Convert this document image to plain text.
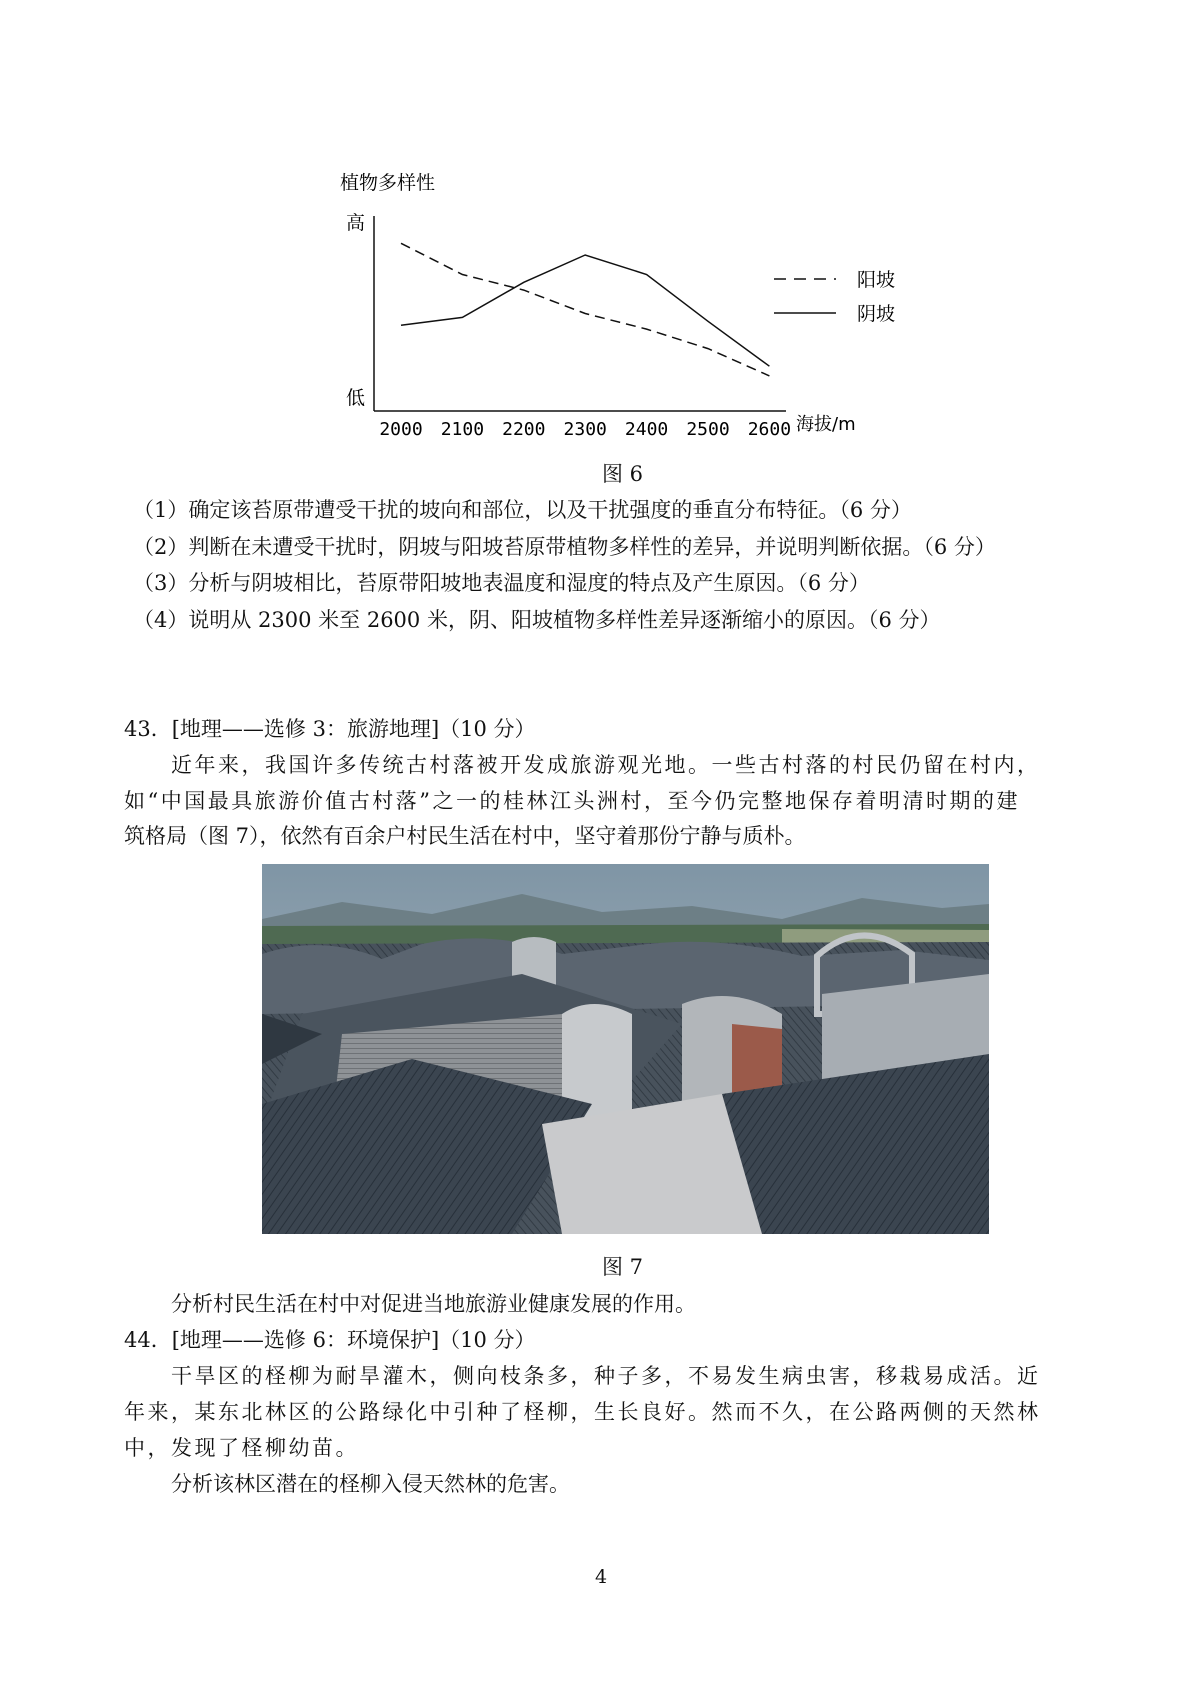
植物多样性
高
低
2000 2100 2200 2300 2400 2500 2600 海拔/m
阳坡
阴坡
图 6
（1）确定该苔原带遭受干扰的坡向和部位，以及干扰强度的垂直分布特征。（6 分）
（2）判断在未遭受干扰时，阴坡与阳坡苔原带植物多样性的差异，并说明判断依据。（6 分）
（3）分析与阴坡相比，苔原带阳坡地表温度和湿度的特点及产生原因。（6 分）
（4）说明从 2300 米至 2600 米，阴、阳坡植物多样性差异逐渐缩小的原因。（6 分）
43．[地理——选修 3：旅游地理]（10 分）
近年来，我国许多传统古村落被开发成旅游观光地。一些古村落的村民仍留在村内，
如“中国最具旅游价值古村落”之一的桂林江头洲村，至今仍完整地保存着明清时期的建
筑格局（图 7），依然有百余户村民生活在村中，坚守着那份宁静与质朴。
图 7
分析村民生活在村中对促进当地旅游业健康发展的作用。
44．[地理——选修 6：环境保护]（10 分）
干旱区的柽柳为耐旱灌木，侧向枝条多，种子多，不易发生病虫害，移栽易成活。近
年来，某东北林区的公路绿化中引种了柽柳，生长良好。然而不久，在公路两侧的天然林
中，发现了柽柳幼苗。
分析该林区潜在的柽柳入侵天然林的危害。
4
